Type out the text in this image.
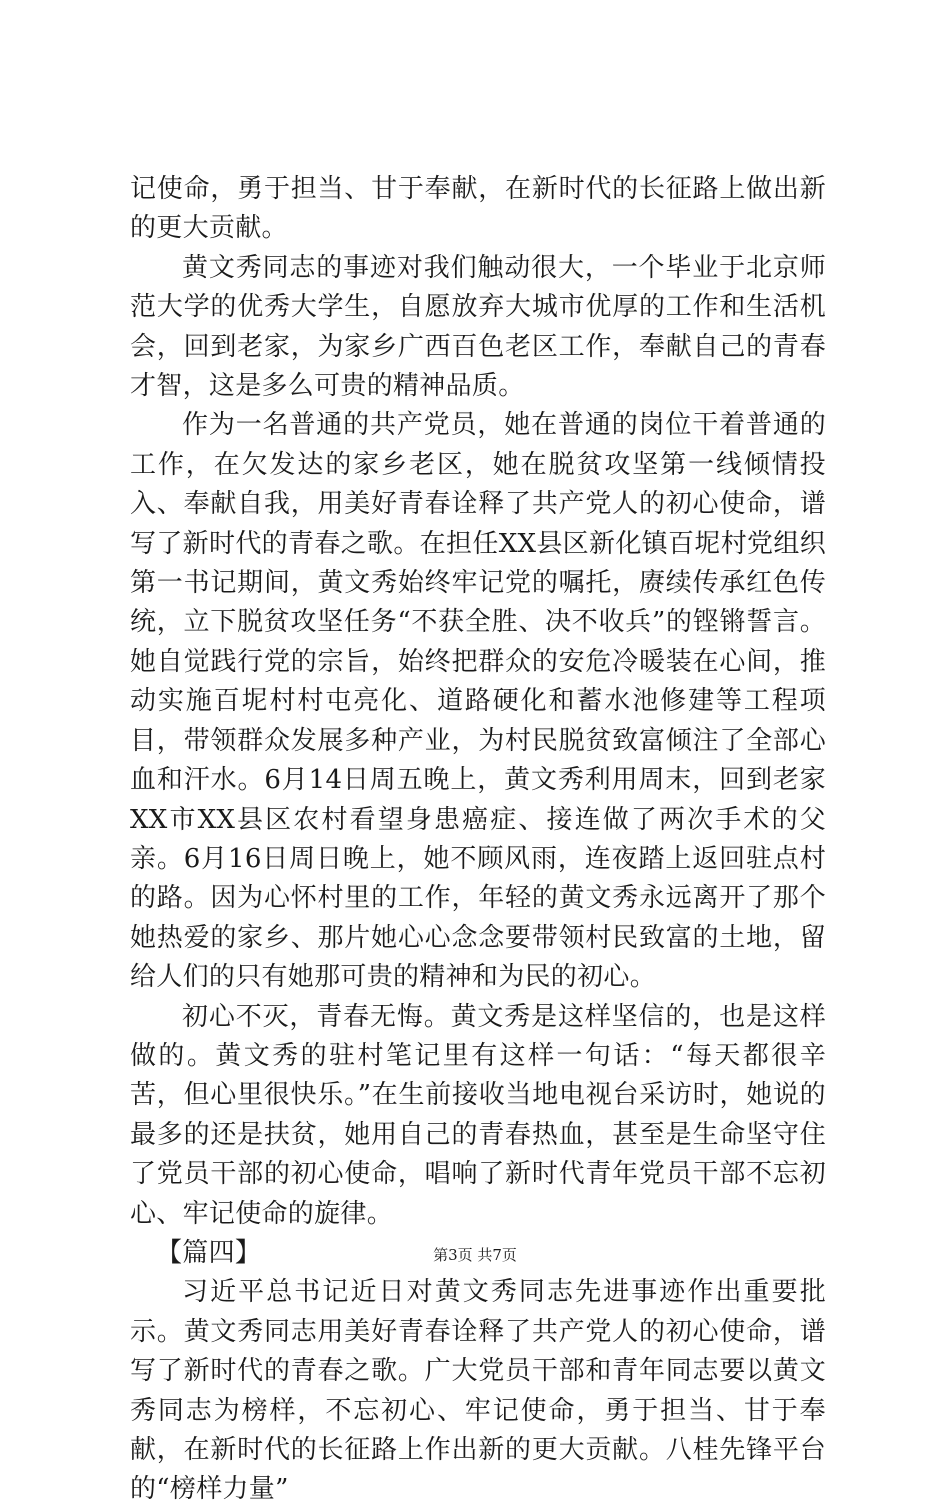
记使命，勇于担当、甘于奉献，在新时代的长征路上做出新的更大贡献。

黄文秀同志的事迹对我们触动很大，一个毕业于北京师范大学的优秀大学生，自愿放弃大城市优厚的工作和生活机会，回到老家，为家乡广西百色老区工作，奉献自己的青春才智，这是多么可贵的精神品质。

作为一名普通的共产党员，她在普通的岗位干着普通的工作，在欠发达的家乡老区，她在脱贫攻坚第一线倾情投入、奉献自我，用美好青春诠释了共产党人的初心使命，谱写了新时代的青春之歌。在担任XX县区新化镇百坭村党组织第一书记期间，黄文秀始终牢记党的嘱托，赓续传承红色传统，立下脱贫攻坚任务“不获全胜、决不收兵”的铿锵誓言。她自觉践行党的宗旨，始终把群众的安危冷暖装在心间，推动实施百坭村村屯亮化、道路硬化和蓄水池修建等工程项目，带领群众发展多种产业，为村民脱贫致富倾注了全部心血和汗水。6月14日周五晚上，黄文秀利用周末，回到老家XX市XX县区农村看望身患癌症、接连做了两次手术的父亲。6月16日周日晚上，她不顾风雨，连夜踏上返回驻点村的路。因为心怀村里的工作，年轻的黄文秀永远离开了那个她热爱的家乡、那片她心心念念要带领村民致富的土地，留给人们的只有她那可贵的精神和为民的初心。

初心不灭，青春无悔。黄文秀是这样坚信的，也是这样做的。黄文秀的驻村笔记里有这样一句话：“每天都很辛苦，但心里很快乐。”在生前接收当地电视台采访时，她说的最多的还是扶贫，她用自己的青春热血，甚至是生命坚守住了党员干部的初心使命，唱响了新时代青年党员干部不忘初心、牢记使命的旋律。

【篇四】

习近平总书记近日对黄文秀同志先进事迹作出重要批示。黄文秀同志用美好青春诠释了共产党人的初心使命，谱写了新时代的青春之歌。广大党员干部和青年同志要以黄文秀同志为榜样，不忘初心、牢记使命，勇于担当、甘于奉献，在新时代的长征路上作出新的更大贡献。八桂先锋平台的“榜样力量”

第3页 共7页
